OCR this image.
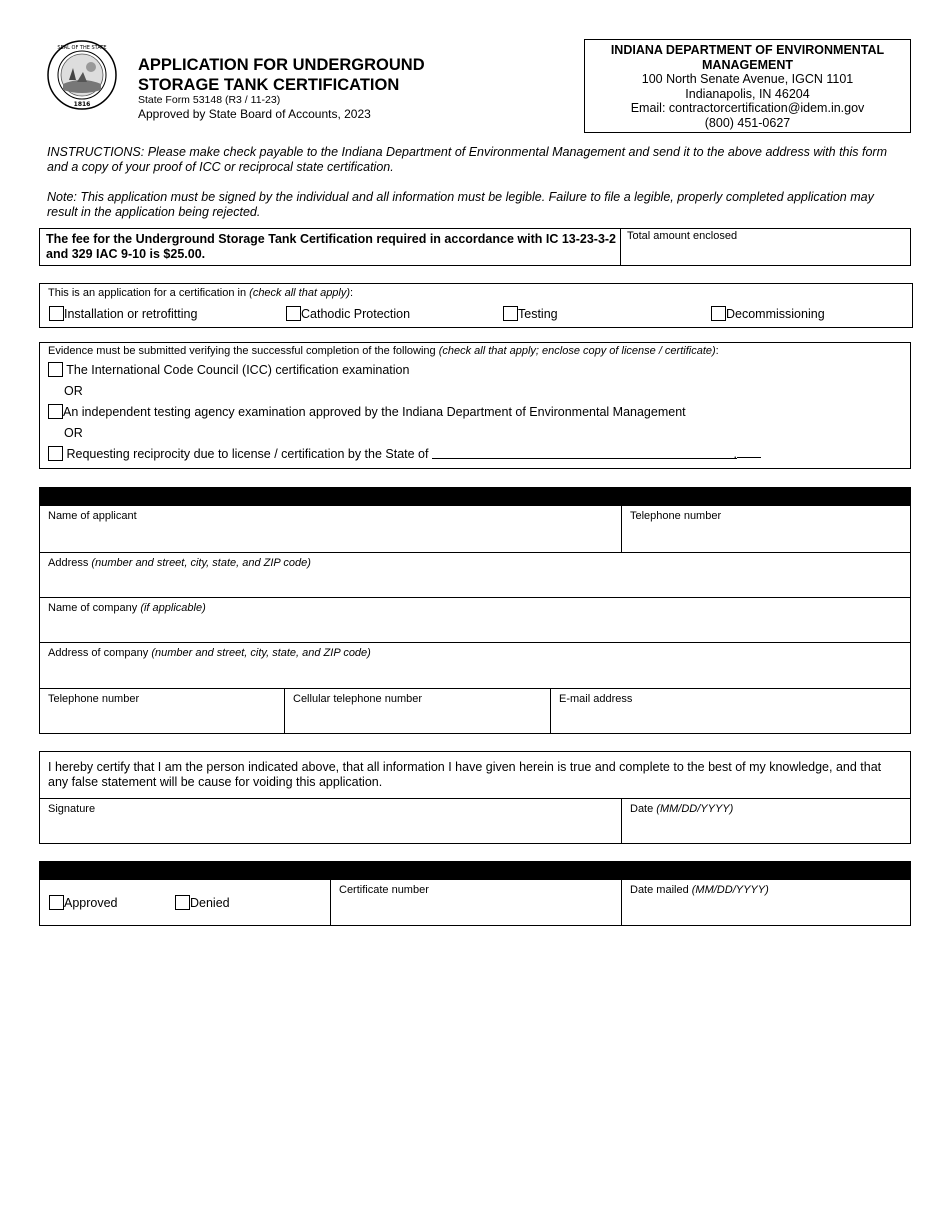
1816
SEAL OF THE STATE
APPLICATION FOR UNDERGROUND
STORAGE TANK CERTIFICATION
State Form 53148 (R3 / 11-23)
Approved by State Board of Accounts, 2023
INDIANA DEPARTMENT OF ENVIRONMENTAL
MANAGEMENT
100 North Senate Avenue, IGCN 1101
Indianapolis, IN 46204
Email: contractorcertification@idem.in.gov
(800) 451-0627
INSTRUCTIONS: Please make check payable to the Indiana Department of Environmental Management and send it to the above address with this form and a copy of your proof of ICC or reciprocal state certification.
Note: This application must be signed by the individual and all information must be legible. Failure to file a legible, properly completed application may result in the application being rejected.
The fee for the Underground Storage Tank Certification required in accordance with IC 13-23-3-2 and 329 IAC 9-10 is $25.00.
Total amount enclosed
This is an application for a certification in (check all that apply):
Installation or retrofitting	Cathodic Protection	Testing	Decommissioning
Evidence must be submitted verifying the successful completion of the following (check all that apply; enclose copy of license / certificate):
The International Code Council (ICC) certification examination
OR
An independent testing agency examination approved by the Indiana Department of Environmental Management
OR
Requesting reciprocity due to license / certification by the State of	.
Name of applicant	Telephone number
Address (number and street, city, state, and ZIP code)
Name of company (if applicable)
Address of company (number and street, city, state, and ZIP code)
Telephone number	Cellular telephone number	E-mail address
I hereby certify that I am the person indicated above, that all information I have given herein is true and complete to the best of my knowledge, and that any false statement will be cause for voiding this application.
Signature	Date (MM/DD/YYYY)
Approved	Denied
Certificate number	Date mailed (MM/DD/YYYY)
